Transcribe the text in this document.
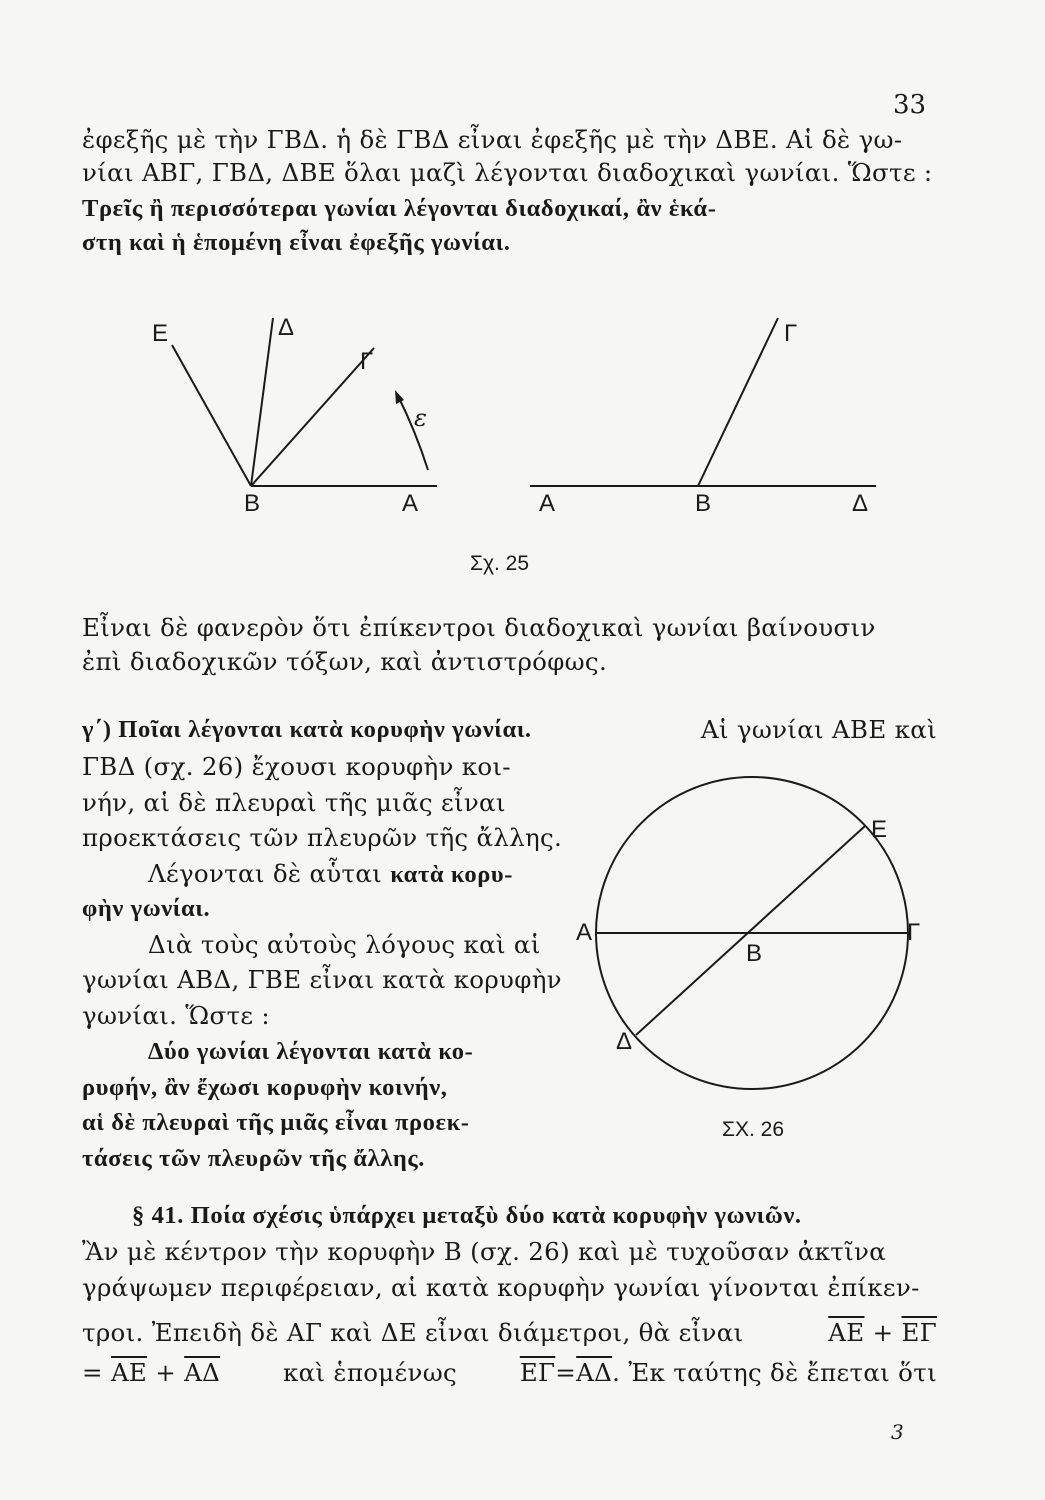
33
ἐφεξῆς μὲ τὴν ΓΒΔ. ἡ δὲ ΓΒΔ εἶναι ἐφεξῆς μὲ τὴν ΔΒΕ. Αἱ δὲ γω-
νίαι ΑΒΓ, ΓΒΔ, ΔΒΕ ὅλαι μαζὶ λέγονται διαδοχικαὶ γωνίαι. Ὥστε :
Τρεῖς ἢ περισσότεραι γωνίαι λέγονται διαδοχικαί, ἂν ἑκά-
στη καὶ ἡ ἑπομένη εἶναι ἐφεξῆς γωνίαι.
Ε	Δ
Γ
ε
Β	Α
Γ
Α	Β	Δ
Σχ. 25
Εἶναι δὲ φανερὸν ὅτι ἐπίκεντροι διαδοχικαὶ γωνίαι βαίνουσιν
ἐπὶ διαδοχικῶν τόξων, καὶ ἀντιστρόφως.
γ΄) Ποῖαι λέγονται κατὰ κορυφὴν γωνίαι.	Αἱ γωνίαι ΑΒΕ καὶ
ΓΒΔ (σχ. 26) ἔχουσι κορυφὴν κοι-
νήν, αἱ δὲ πλευραὶ τῆς μιᾶς εἶναι
προεκτάσεις τῶν πλευρῶν τῆς ἄλλης.
Λέγονται δὲ αὗται κατὰ κορυ-
φὴν γωνίαι.
Διὰ τοὺς αὐτοὺς λόγους καὶ αἱ
γωνίαι ΑΒΔ, ΓΒΕ εἶναι κατὰ κορυφὴν
γωνίαι. Ὥστε :
Δύο γωνίαι λέγονται κατὰ κο-
ρυφήν, ἂν ἔχωσι κορυφὴν κοινήν,
αἱ δὲ πλευραὶ τῆς μιᾶς εἶναι προεκ-
τάσεις τῶν πλευρῶν τῆς ἄλλης.
Ε
Α
Β
Γ
Δ
ΣΧ. 26
§ 41. Ποία σχέσις ὑπάρχει μεταξὺ δύο κατὰ κορυφὴν γωνιῶν.
Ἂν μὲ κέντρον τὴν κορυφὴν Β (σχ. 26) καὶ μὲ τυχοῦσαν ἀκτῖνα
γράψωμεν περιφέρειαν, αἱ κατὰ κορυφὴν γωνίαι γίνονται ἐπίκεν-
τροι. Ἐπειδὴ δὲ ΑΓ καὶ ΔΕ εἶναι διάμετροι, θὰ εἶναι	$\overline{AE} + \overline{E\Gamma}$
= $\overline{AE} + \overline{A\Delta}$	καὶ ἑπομένως	$\overline{E\Gamma}=\overline{A\Delta}$. Ἐκ ταύτης δὲ ἔπεται ὅτι
3
